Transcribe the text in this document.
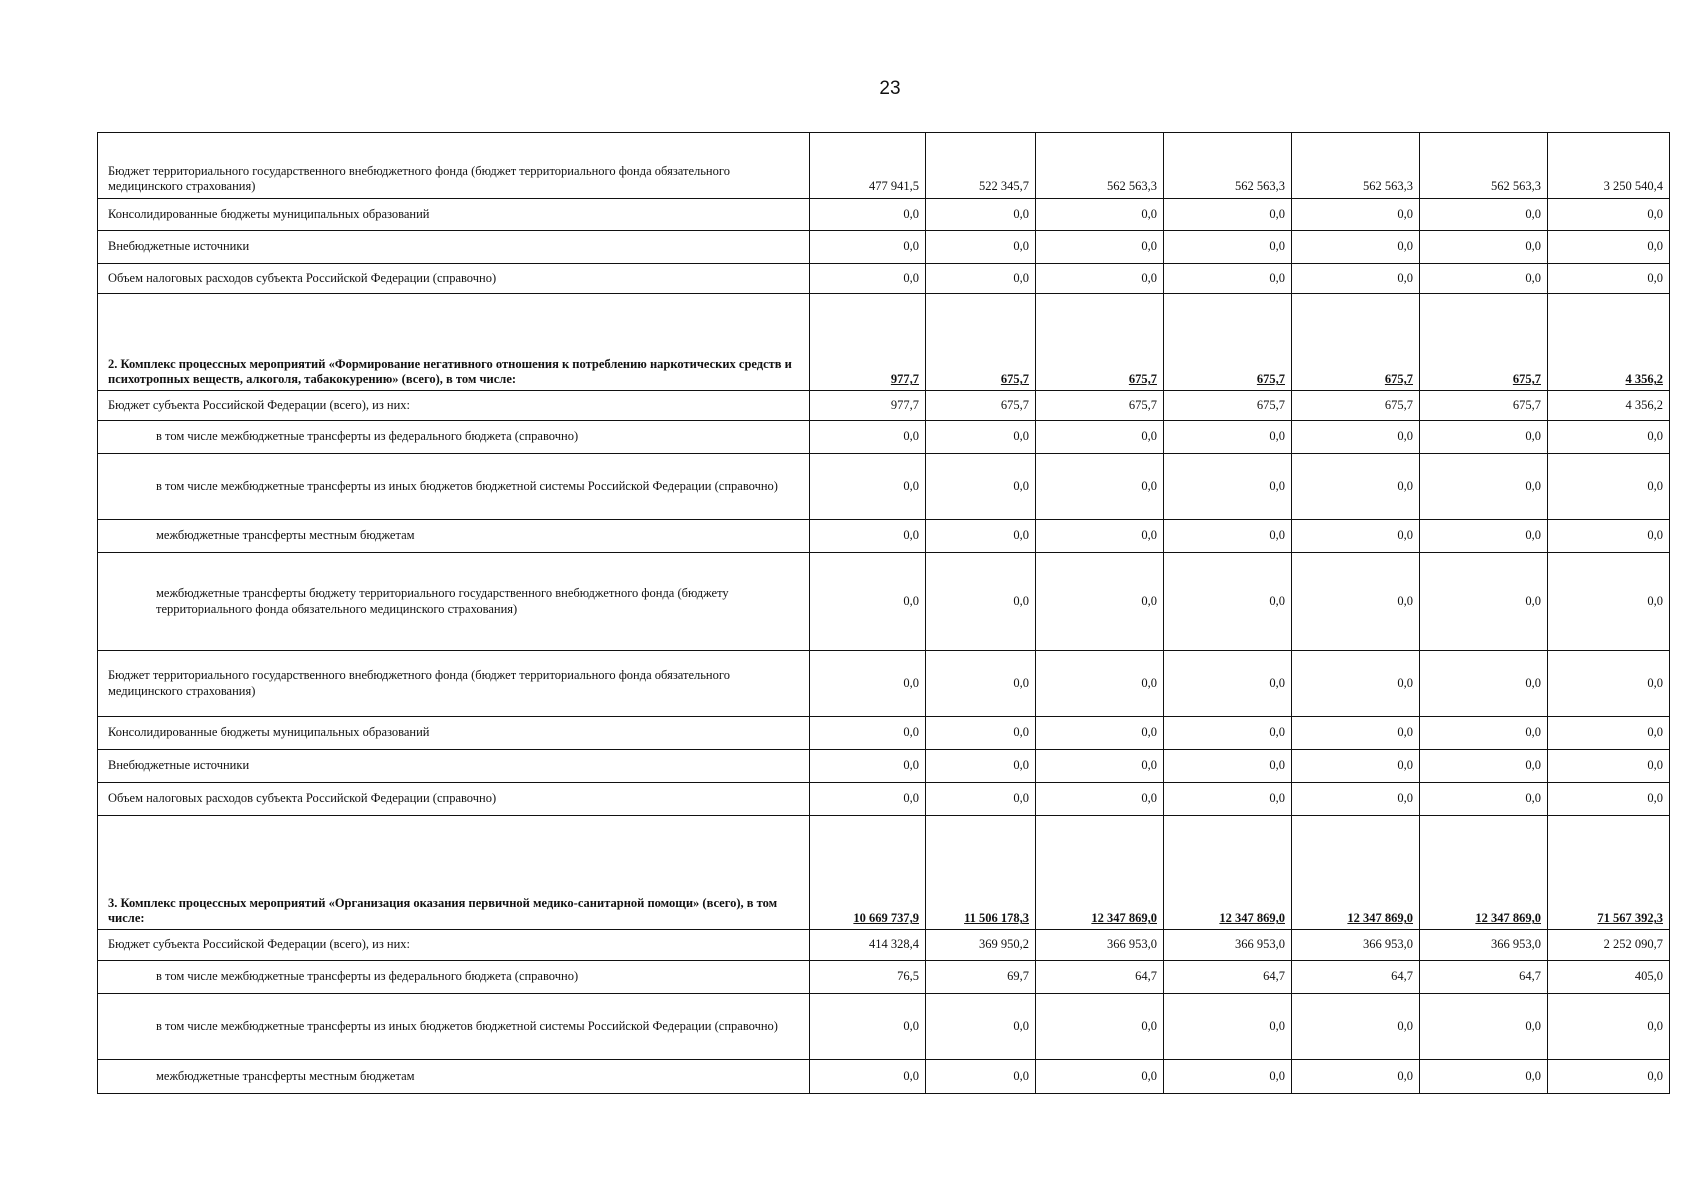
23
Бюджет территориального государственного внебюджетного фонда (бюджет территориального фонда обязательного медицинского страхования)	477 941,5	522 345,7	562 563,3	562 563,3	562 563,3	562 563,3	3 250 540,4
Консолидированные бюджеты муниципальных образований	0,0	0,0	0,0	0,0	0,0	0,0	0,0
Внебюджетные источники	0,0	0,0	0,0	0,0	0,0	0,0	0,0
Объем налоговых расходов субъекта Российской Федерации (справочно)	0,0	0,0	0,0	0,0	0,0	0,0	0,0
2. Комплекс процессных мероприятий «Формирование негативного отношения к потреблению наркотических средств и психотропных веществ, алкоголя, табакокурению» (всего), в том числе:	977,7	675,7	675,7	675,7	675,7	675,7	4 356,2
Бюджет субъекта Российской Федерации (всего), из них:	977,7	675,7	675,7	675,7	675,7	675,7	4 356,2
в том числе межбюджетные трансферты из федерального бюджета (справочно)	0,0	0,0	0,0	0,0	0,0	0,0	0,0
в том числе межбюджетные трансферты из иных бюджетов бюджетной системы Российской Федерации (справочно)	0,0	0,0	0,0	0,0	0,0	0,0	0,0
межбюджетные трансферты местным бюджетам	0,0	0,0	0,0	0,0	0,0	0,0	0,0
межбюджетные трансферты бюджету территориального государственного внебюджетного фонда (бюджету территориального фонда обязательного медицинского страхования)	0,0	0,0	0,0	0,0	0,0	0,0	0,0
Бюджет территориального государственного внебюджетного фонда (бюджет территориального фонда обязательного медицинского страхования)	0,0	0,0	0,0	0,0	0,0	0,0	0,0
Консолидированные бюджеты муниципальных образований	0,0	0,0	0,0	0,0	0,0	0,0	0,0
Внебюджетные источники	0,0	0,0	0,0	0,0	0,0	0,0	0,0
Объем налоговых расходов субъекта Российской Федерации (справочно)	0,0	0,0	0,0	0,0	0,0	0,0	0,0
3. Комплекс процессных мероприятий «Организация оказания первичной медико-санитарной помощи» (всего), в том числе:	10 669 737,9	11 506 178,3	12 347 869,0	12 347 869,0	12 347 869,0	12 347 869,0	71 567 392,3
Бюджет субъекта Российской Федерации (всего), из них:	414 328,4	369 950,2	366 953,0	366 953,0	366 953,0	366 953,0	2 252 090,7
в том числе межбюджетные трансферты из федерального бюджета (справочно)	76,5	69,7	64,7	64,7	64,7	64,7	405,0
в том числе межбюджетные трансферты из иных бюджетов бюджетной системы Российской Федерации (справочно)	0,0	0,0	0,0	0,0	0,0	0,0	0,0
межбюджетные трансферты местным бюджетам	0,0	0,0	0,0	0,0	0,0	0,0	0,0
